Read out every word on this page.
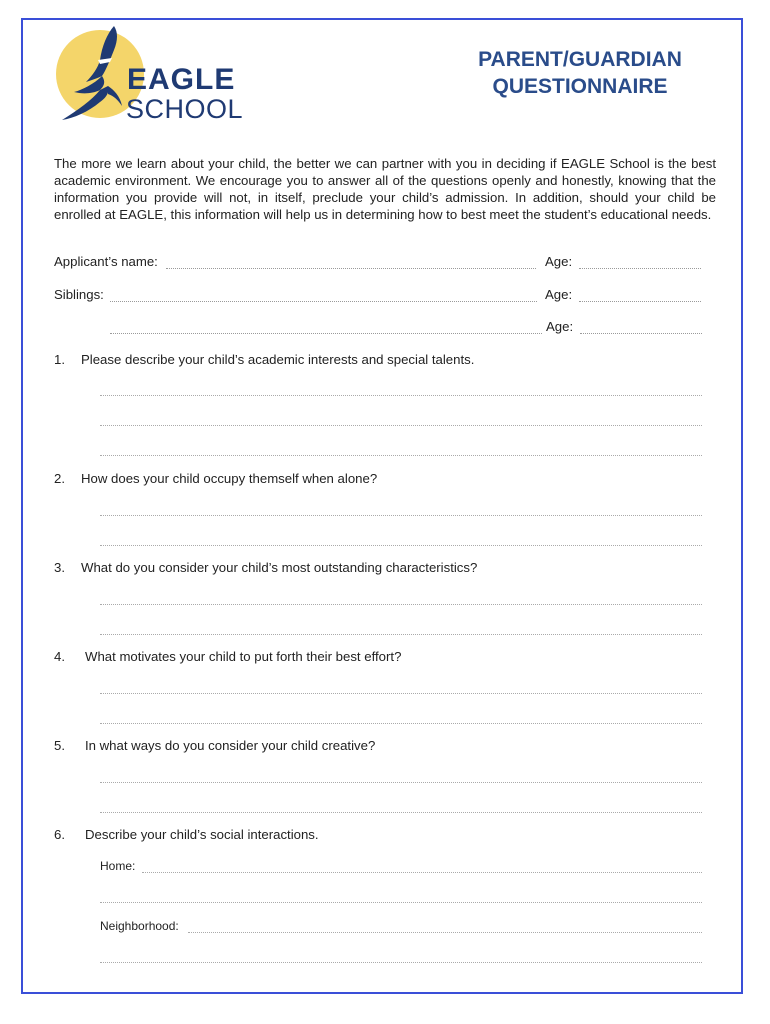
EAGLE
SCHOOL
PARENT/GUARDIAN
QUESTIONNAIRE
The more we learn about your child, the better we can partner with you in deciding if EAGLE School is the best academic environment. We encourage you to answer all of the questions openly and honestly, knowing that the information you provide will not, in itself, preclude your child’s admission. In addition, should your child be enrolled at EAGLE, this information will help us in determining how to best meet the student’s educational needs.
Applicant’s name:	Age:
Siblings:	Age:
Age:
1. Please describe your child’s academic interests and special talents.
2. How does your child occupy themself when alone?
3. What do you consider your child’s most outstanding characteristics?
4. What motivates your child to put forth their best effort?
5. In what ways do you consider your child creative?
6. Describe your child’s social interactions.
Home:
Neighborhood:
